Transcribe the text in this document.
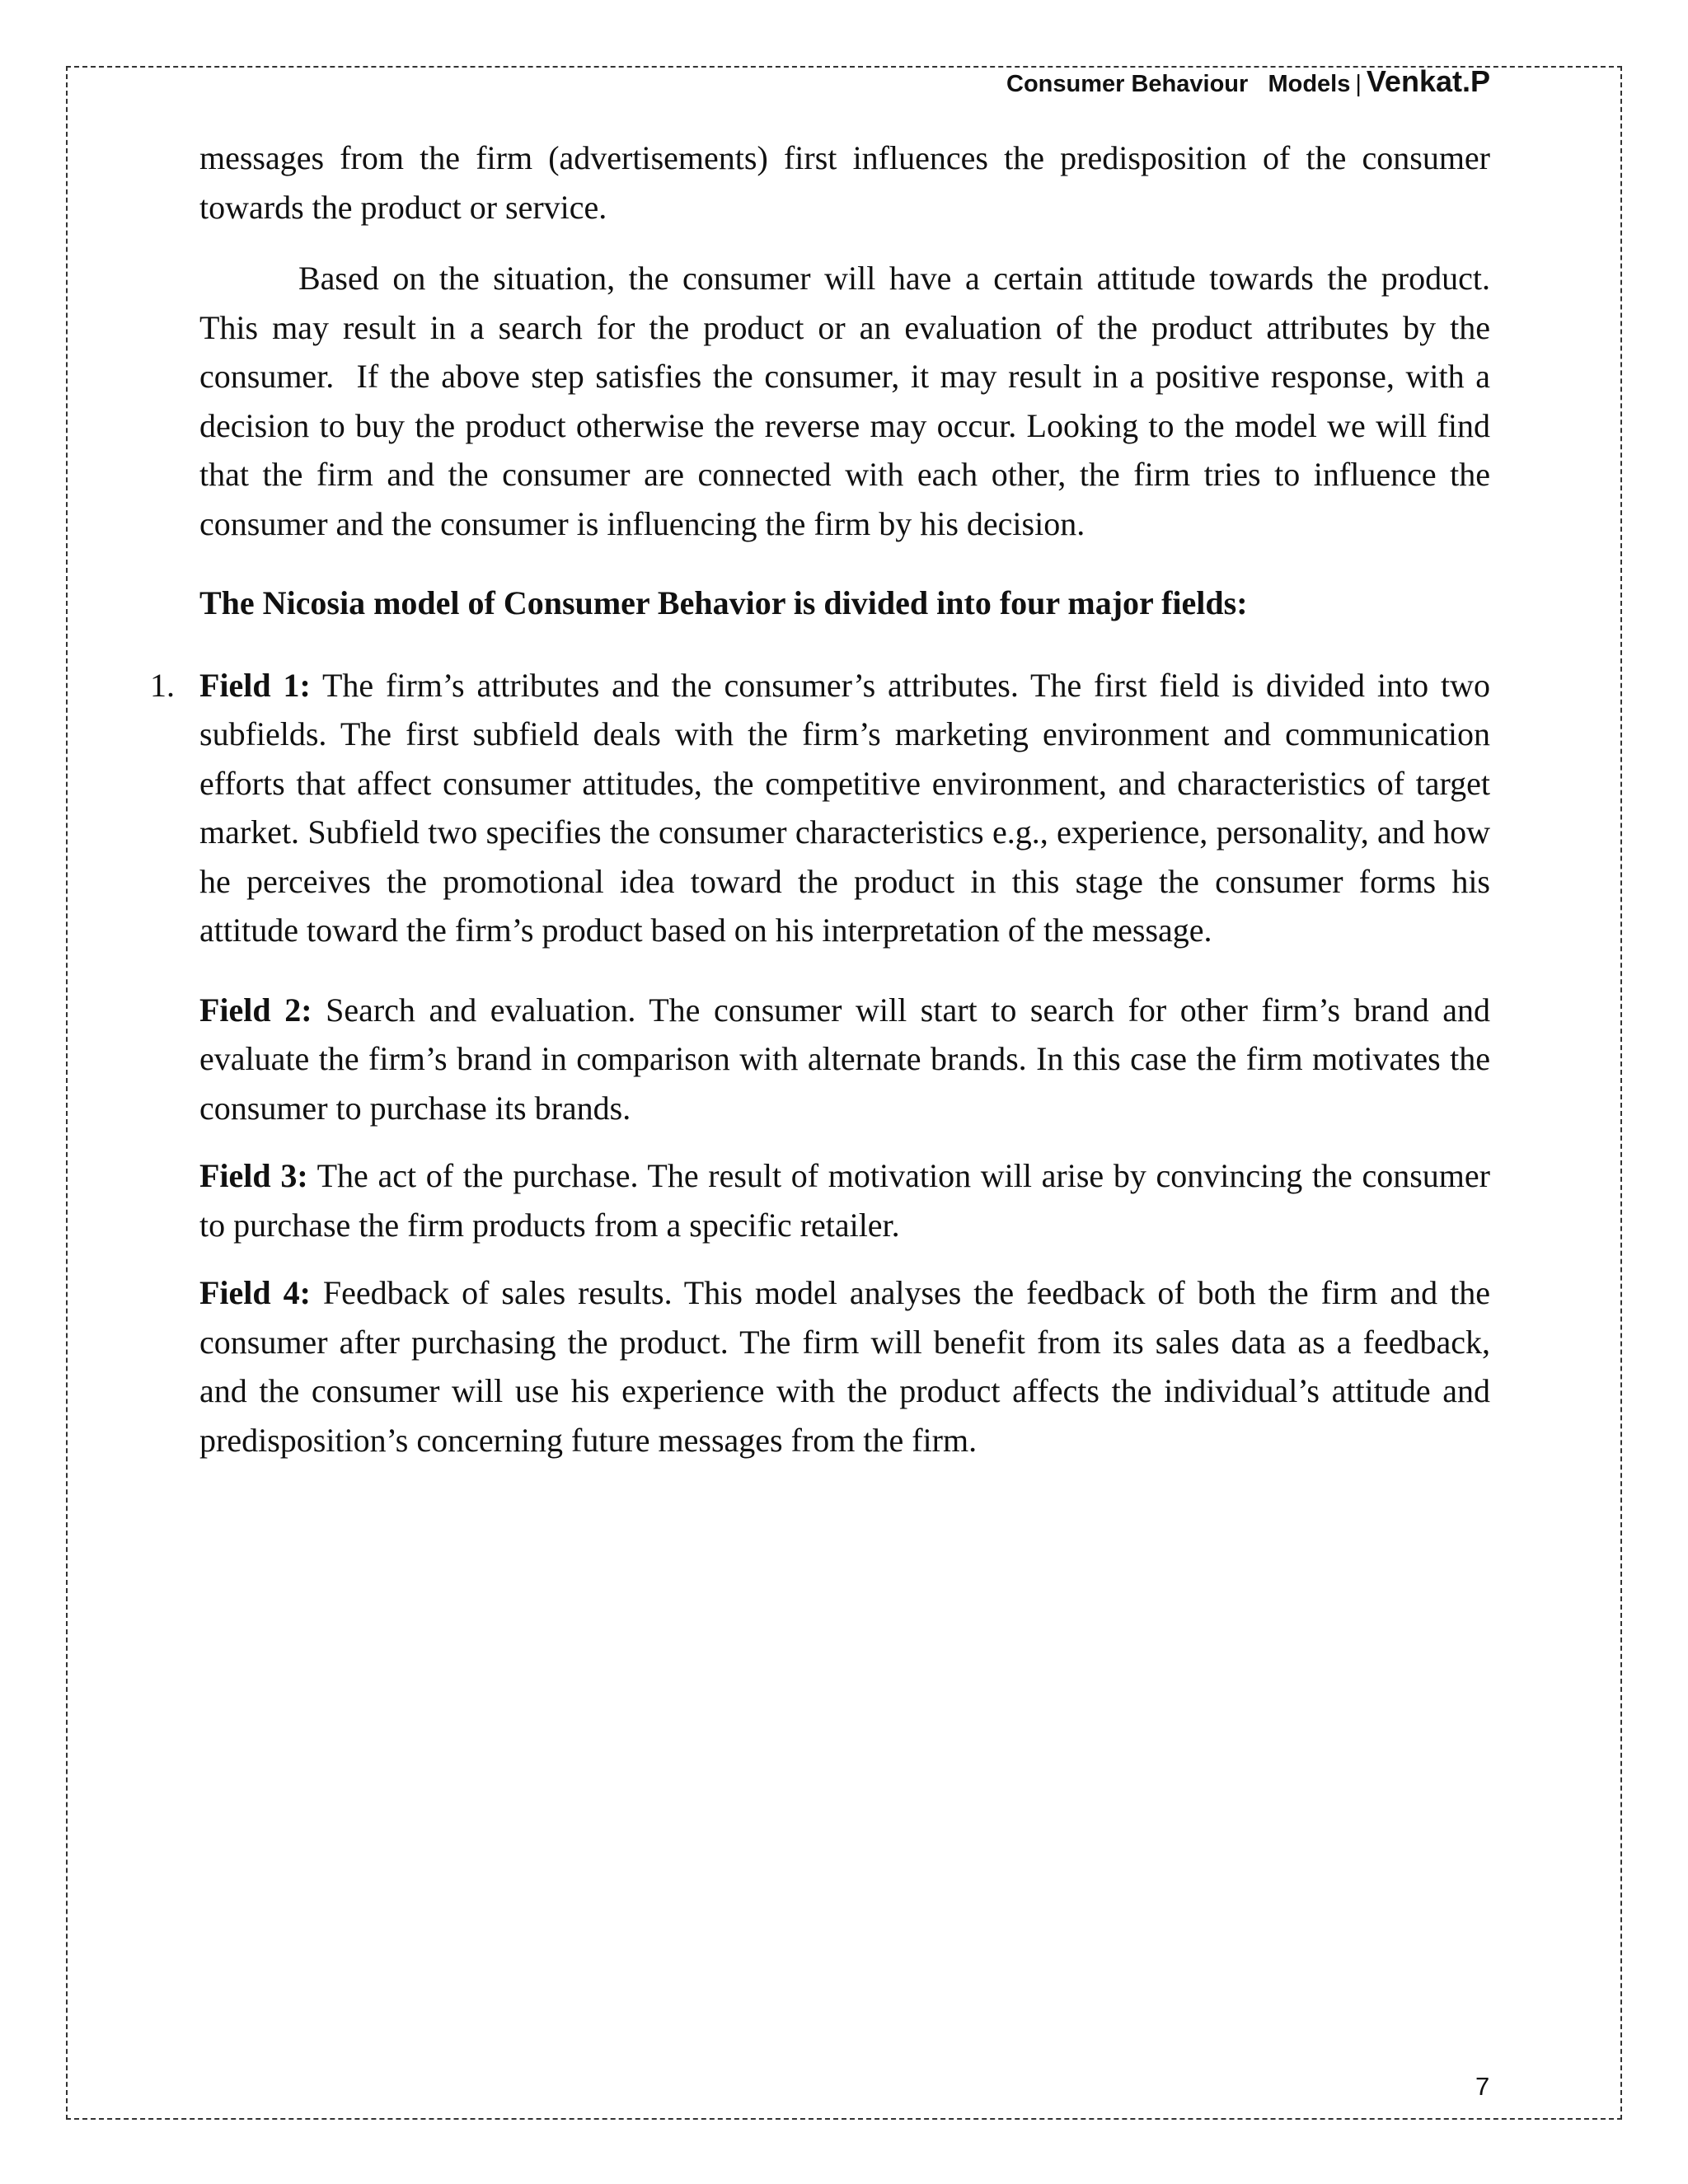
Consumer Behaviour   Models | Venkat.P

messages from the firm (advertisements) first influences the predisposition of the consumer towards the product or service.

Based on the situation, the consumer will have a certain attitude towards the product.  This may result in a search for the product or an evaluation of the product attributes by the consumer.  If the above step satisfies the consumer, it may result in a positive response, with a decision to buy the product otherwise the reverse may occur. Looking to the model we will find that the firm and the consumer are connected with each other, the firm tries to influence the consumer and the consumer is influencing the firm by his decision.

The Nicosia model of Consumer Behavior is divided into four major fields:

1. Field 1: The firm’s attributes and the consumer’s attributes. The first field is divided into two subfields. The first subfield deals with the firm’s marketing environment and communication efforts that affect consumer attitudes, the competitive environment, and characteristics of target market. Subfield two specifies the consumer characteristics e.g., experience, personality, and how he perceives the promotional idea toward the product in this stage the consumer forms his attitude toward the firm’s product based on his interpretation of the message.

Field 2: Search and evaluation. The consumer will start to search for other firm’s brand and evaluate the firm’s brand in comparison with alternate brands. In this case the firm motivates the consumer to purchase its brands.

Field 3: The act of the purchase. The result of motivation will arise by convincing the consumer to purchase the firm products from a specific retailer.

Field 4: Feedback of sales results. This model analyses the feedback of both the firm and the consumer after purchasing the product. The firm will benefit from its sales data as a feedback, and the consumer will use his experience with the product affects the individual’s attitude and predisposition’s concerning future messages from the firm.

7
